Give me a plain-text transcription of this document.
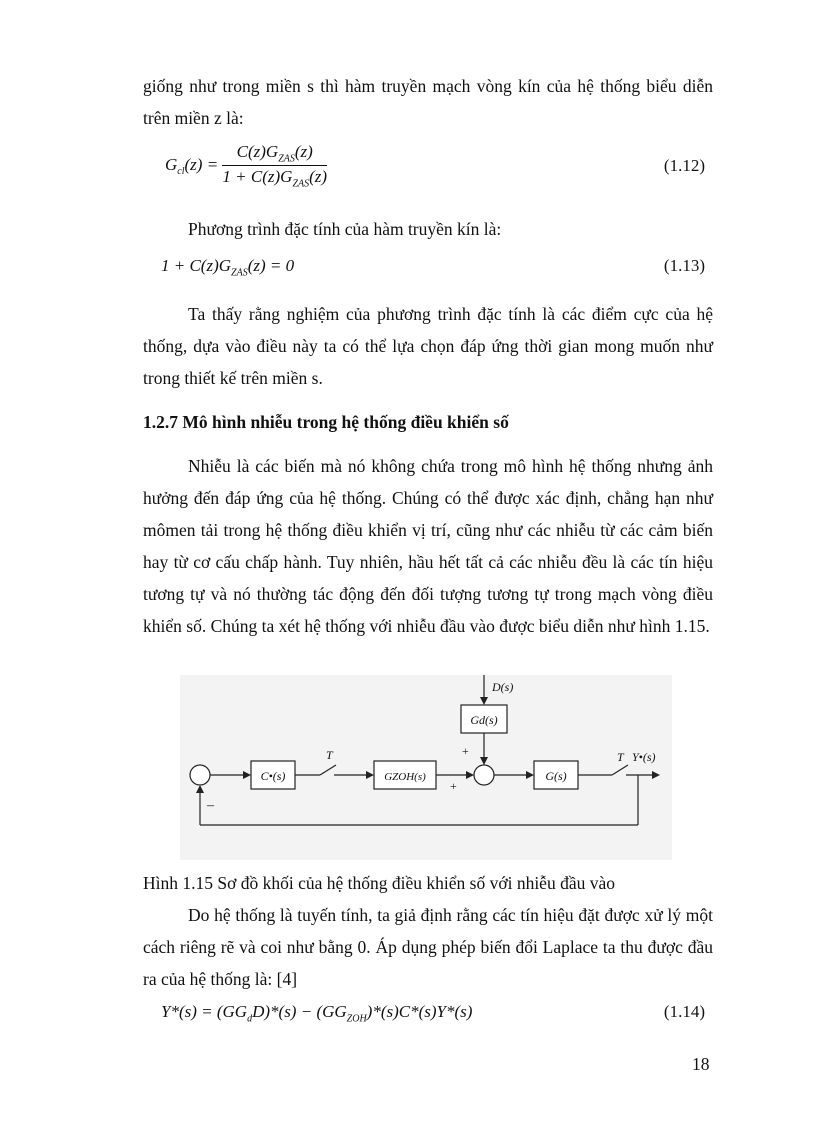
giống như trong miền s thì hàm truyền mạch vòng kín của hệ thống biểu diễn trên miền z là:

$G_{cl}(z) = \frac{C(z)G_{ZAS}(z)}{1 + C(z)G_{ZAS}(z)}$	(1.12)

Phương trình đặc tính của hàm truyền kín là:

$1 + C(z)G_{ZAS}(z) = 0$	(1.13)

Ta thấy rằng nghiệm của phương trình đặc tính là các điểm cực của hệ thống, dựa vào điều này ta có thể lựa chọn đáp ứng thời gian mong muốn như trong thiết kế trên miền s.

1.2.7 Mô hình nhiễu trong hệ thống điều khiển số

Nhiễu là các biến mà nó không chứa trong mô hình hệ thống nhưng ảnh hưởng đến đáp ứng của hệ thống. Chúng có thể được xác định, chẳng hạn như mômen tải trong hệ thống điều khiển vị trí, cũng như các nhiễu từ các cảm biến hay từ cơ cấu chấp hành. Tuy nhiên, hầu hết tất cả các nhiễu đều là các tín hiệu tương tự và nó thường tác động đến đối tượng tương tự trong mạch vòng điều khiển số. Chúng ta xét hệ thống với nhiễu đầu vào được biểu diễn như hình 1.15.

C•(s)
T
GZOH(s)
+
D(s)
Gd(s)
+
G(s)
T Y•(s)
–

Hình 1.15 Sơ đồ khối của hệ thống điều khiển số với nhiễu đầu vào

Do hệ thống là tuyến tính, ta giả định rằng các tín hiệu đặt được xử lý một cách riêng rẽ và coi như bằng 0. Áp dụng phép biến đổi Laplace ta thu được đầu ra của hệ thống là: [4]

$Y*(s) = (GG_dD)*(s) - (GG_{ZOH})*(s)C*(s)Y*(s)$	(1.14)
18
